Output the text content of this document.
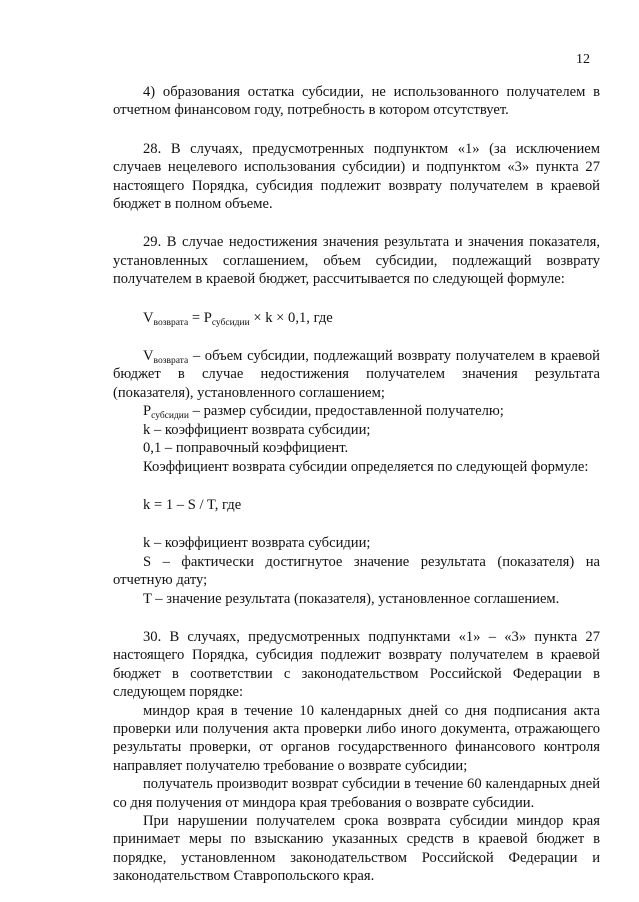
12

4) образования остатка субсидии, не использованного получателем в отчетном финансовом году, потребность в котором отсутствует.

28. В случаях, предусмотренных подпунктом «1» (за исключением случаев нецелевого использования субсидии) и подпунктом «3» пункта 27 настоящего Порядка, субсидия подлежит возврату получателем в краевой бюджет в полном объеме.

29. В случае недостижения значения результата и значения показателя, установленных соглашением, объем субсидии, подлежащий возврату получателем в краевой бюджет, рассчитывается по следующей формуле:

$V_{возврата} = P_{субсидии} \times k \times 0,1$, где

$V_{возврата}$ – объем субсидии, подлежащий возврату получателем в краевой бюджет в случае недостижения получателем значения результата (показателя), установленного соглашением;

$P_{субсидии}$ – размер субсидии, предоставленной получателю;

k – коэффициент возврата субсидии;

0,1 – поправочный коэффициент.

Коэффициент возврата субсидии определяется по следующей формуле:

k = 1 – S / T, где

k – коэффициент возврата субсидии;

S – фактически достигнутое значение результата (показателя) на отчетную дату;

T – значение результата (показателя), установленное соглашением.

30. В случаях, предусмотренных подпунктами «1» – «3» пункта 27 настоящего Порядка, субсидия подлежит возврату получателем в краевой бюджет в соответствии с законодательством Российской Федерации в следующем порядке:

миндор края в течение 10 календарных дней со дня подписания акта проверки или получения акта проверки либо иного документа, отражающего результаты проверки, от органов государственного финансового контроля направляет получателю требование о возврате субсидии;

получатель производит возврат субсидии в течение 60 календарных дней со дня получения от миндора края требования о возврате субсидии.

При нарушении получателем срока возврата субсидии миндор края принимает меры по взысканию указанных средств в краевой бюджет в порядке, установленном законодательством Российской Федерации и законодательством Ставропольского края.
